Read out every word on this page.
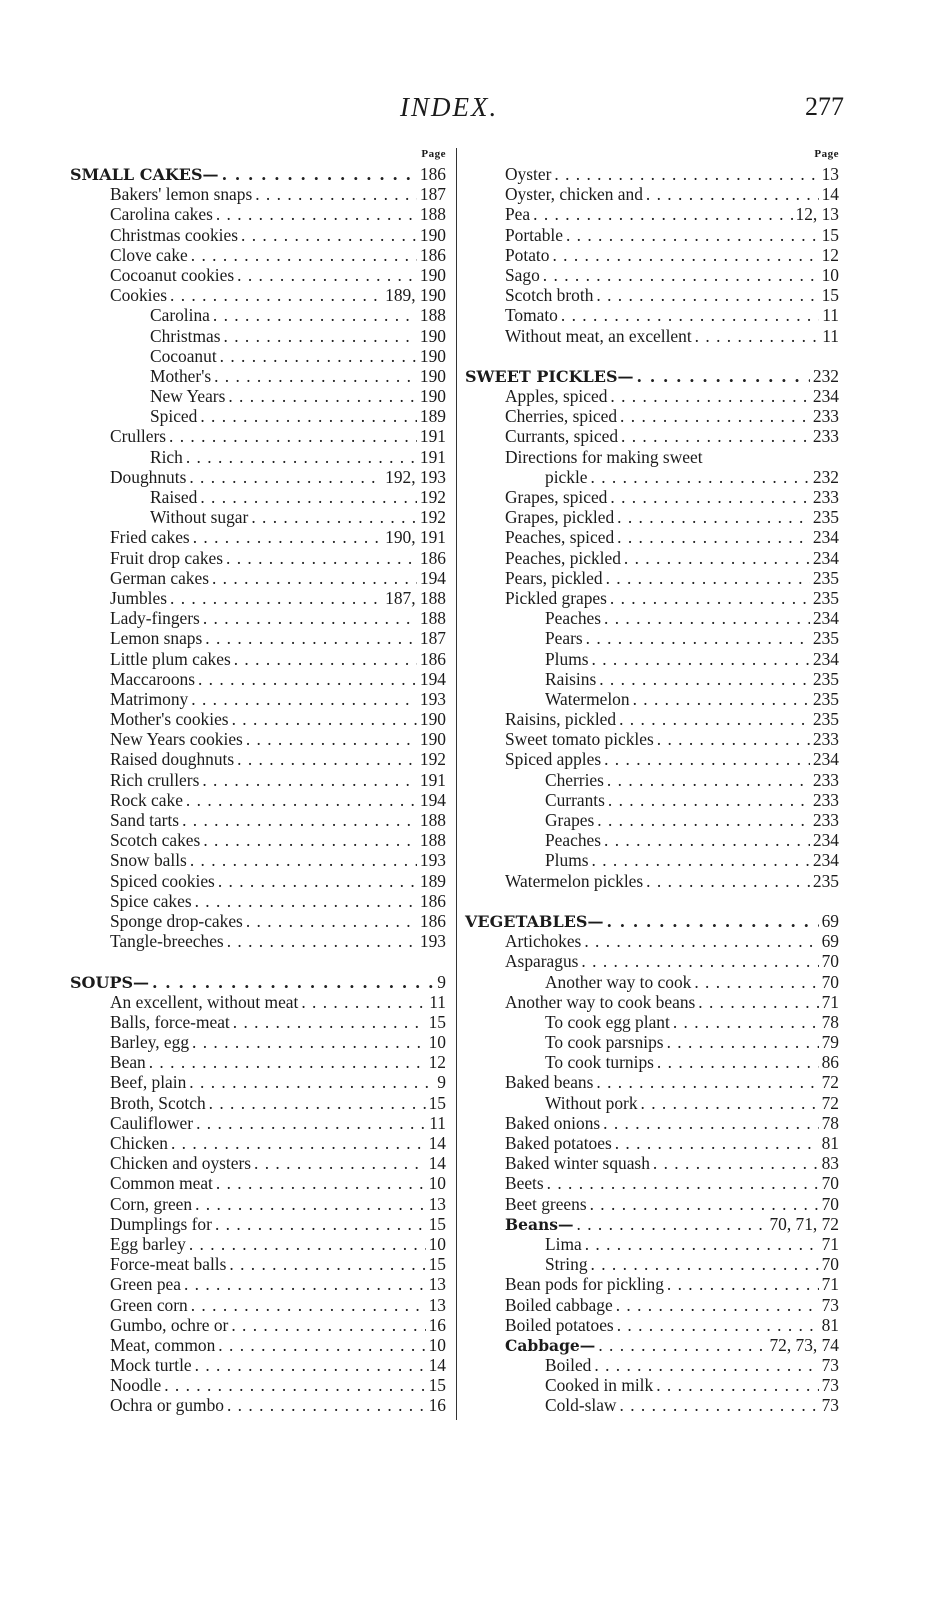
INDEX.	277
Page
SMALL CAKES— . . .	186
Bakers' lemon snaps . . .	187
Carolina cakes . . .	188
Christmas cookies . . .	190
Clove cake . . .	186
Cocoanut cookies . . .	190
Cookies . . .	189, 190
Carolina . . .	188
Christmas . . .	190
Cocoanut . . .	190
Mother's . . .	190
New Years . . .	190
Spiced . . .	189
Crullers . . .	191
Rich . . .	191
Doughnuts . . .	192, 193
Raised . . .	192
Without sugar . . .	192
Fried cakes . . .	190, 191
Fruit drop cakes . . .	186
German cakes . . .	194
Jumbles . . .	187, 188
Lady-fingers . . .	188
Lemon snaps . . .	187
Little plum cakes . . .	186
Maccaroons . . .	194
Matrimony . . .	193
Mother's cookies . . .	190
New Years cookies . . .	190
Raised doughnuts . . .	192
Rich crullers . . .	191
Rock cake . . .	194
Sand tarts . . .	188
Scotch cakes . . .	188
Snow balls . . .	193
Spiced cookies . . .	189
Spice cakes . . .	186
Sponge drop-cakes . . .	186
Tangle-breeches . . .	193
SOUPS— . . .	9
An excellent, without meat . . .	11
Balls, force-meat . . .	15
Barley, egg . . .	10
Bean . . .	12
Beef, plain . . .	9
Broth, Scotch . . .	15
Cauliflower . . .	11
Chicken . . .	14
Chicken and oysters . . .	14
Common meat . . .	10
Corn, green . . .	13
Dumplings for . . .	15
Egg barley . . .	10
Force-meat balls . . .	15
Green pea . . .	13
Green corn . . .	13
Gumbo, ochre or . . .	16
Meat, common . . .	10
Mock turtle . . .	14
Noodle . . .	15
Ochra or gumbo . . .	16
Page
Oyster . . .	13
Oyster, chicken and . . .	14
Pea . . .	12, 13
Portable . . .	15
Potato . . .	12
Sago . . .	10
Scotch broth . . .	15
Tomato . . .	11
Without meat, an excellent . . .	11
SWEET PICKLES— . . .	232
Apples, spiced . . .	234
Cherries, spiced . . .	233
Currants, spiced . . .	233
Directions for making sweet
pickle . . .	232
Grapes, spiced . . .	233
Grapes, pickled . . .	235
Peaches, spiced . . .	234
Peaches, pickled . . .	234
Pears, pickled . . .	235
Pickled grapes . . .	235
Peaches . . .	234
Pears . . .	235
Plums . . .	234
Raisins . . .	235
Watermelon . . .	235
Raisins, pickled . . .	235
Sweet tomato pickles . . .	233
Spiced apples . . .	234
Cherries . . .	233
Currants . . .	233
Grapes . . .	233
Peaches . . .	234
Plums . . .	234
Watermelon pickles . . .	235
VEGETABLES— . . .	69
Artichokes . . .	69
Asparagus . . .	70
Another way to cook . . .	70
Another way to cook beans . . .	71
To cook egg plant . . .	78
To cook parsnips . . .	79
To cook turnips . . .	86
Baked beans . . .	72
Without pork . . .	72
Baked onions . . .	78
Baked potatoes . . .	81
Baked winter squash . . .	83
Beets . . .	70
Beet greens . . .	70
Beans— . . .	70, 71, 72
Lima . . .	71
String . . .	70
Bean pods for pickling . . .	71
Boiled cabbage . . .	73
Boiled potatoes . . .	81
Cabbage— . . .	72, 73, 74
Boiled . . .	73
Cooked in milk . . .	73
Cold-slaw . . .	73
